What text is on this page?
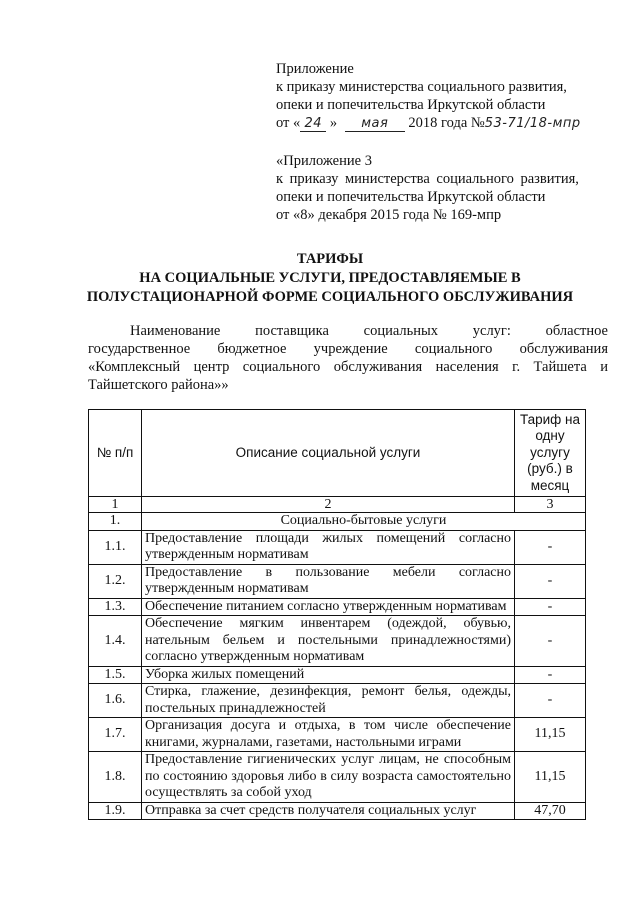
Приложение
к приказу министерства социального развития,
опеки и попечительства Иркутской области
от « 24 » мая 2018 года №53-71/18-мпр
«Приложение 3
к приказу министерства социального развития,
опеки и попечительства Иркутской области
от «8» декабря 2015 года № 169-мпр
ТАРИФЫ
НА СОЦИАЛЬНЫЕ УСЛУГИ, ПРЕДОСТАВЛЯЕМЫЕ В
ПОЛУСТАЦИОНАРНОЙ ФОРМЕ СОЦИАЛЬНОГО ОБСЛУЖИВАНИЯ
Наименование поставщика социальных услуг: областное
государственное бюджетное учреждение социального обслуживания
«Комплексный центр социального обслуживания населения г. Тайшета и
Тайшетского района»»
№ п/п	Описание социальной услуги	Тариф на одну услугу (руб.) в месяц
1	2	3
1.	Социально-бытовые услуги	
1.1.	Предоставление площади жилых помещений согласно утвержденным нормативам	-
1.2.	Предоставление в пользование мебели согласно утвержденным нормативам	-
1.3.	Обеспечение питанием согласно утвержденным нормативам	-
1.4.	Обеспечение мягким инвентарем (одеждой, обувью, нательным бельем и постельными принадлежностями) согласно утвержденным нормативам	-
1.5.	Уборка жилых помещений	-
1.6.	Стирка, глажение, дезинфекция, ремонт белья, одежды, постельных принадлежностей	-
1.7.	Организация досуга и отдыха, в том числе обеспечение книгами, журналами, газетами, настольными играми	11,15
1.8.	Предоставление гигиенических услуг лицам, не способным по состоянию здоровья либо в силу возраста самостоятельно осуществлять за собой уход	11,15
1.9.	Отправка за счет средств получателя социальных услуг	47,70
